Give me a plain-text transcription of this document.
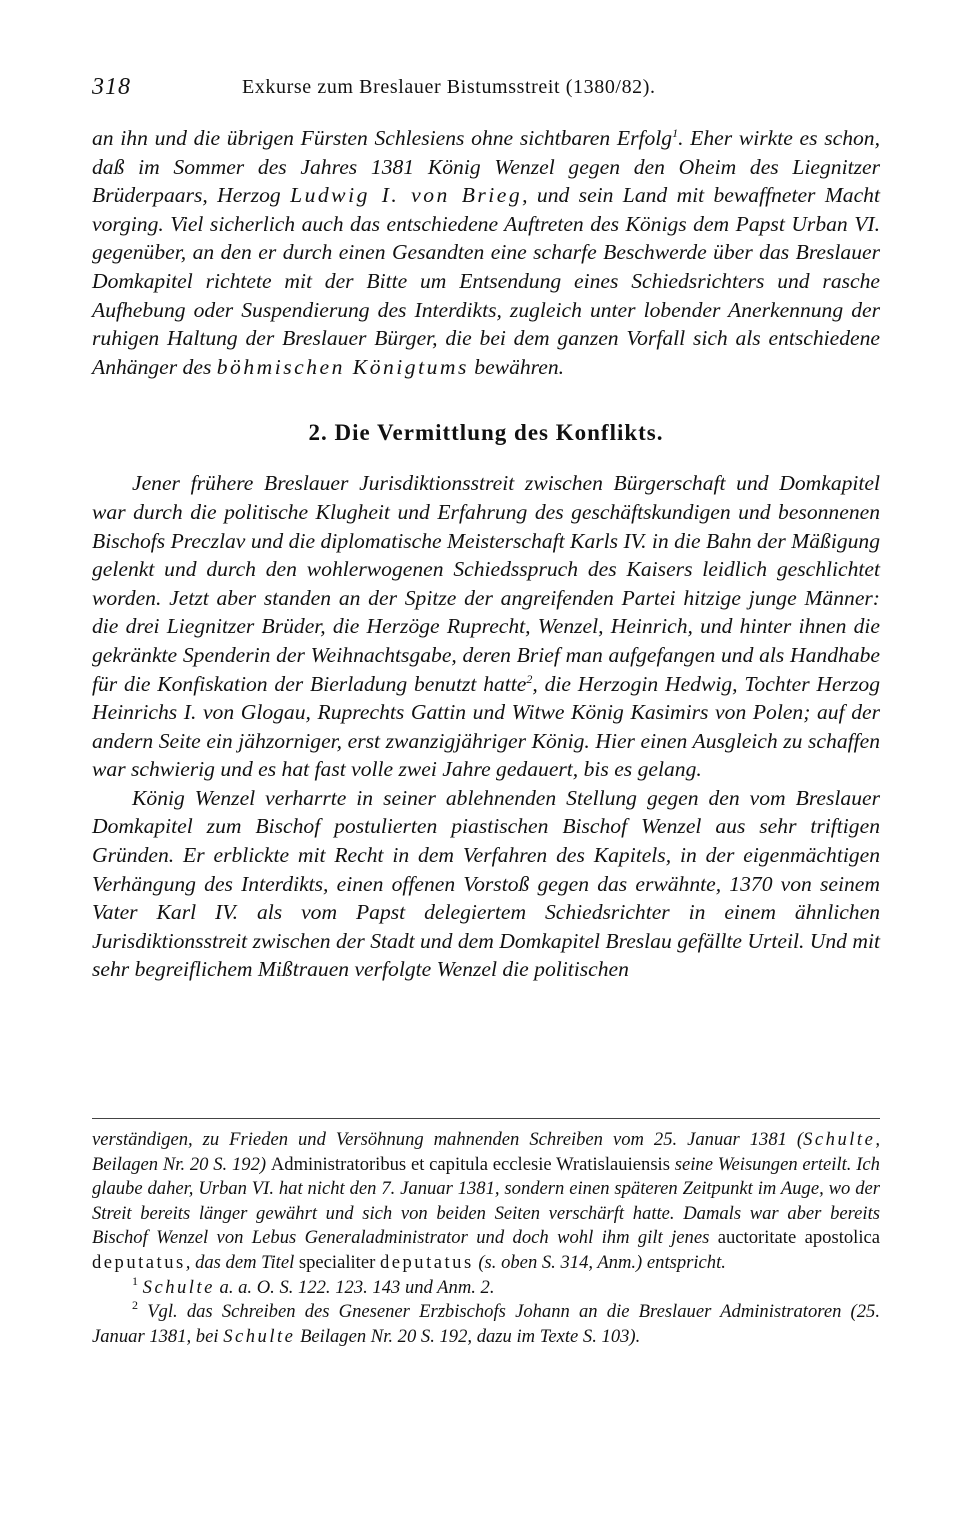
318	Exkurse zum Breslauer Bistumsstreit (1380/82).

an ihn und die übrigen Fürsten Schlesiens ohne sichtbaren Erfolg$^1$. Eher wirkte es schon, daß im Sommer des Jahres 1381 König Wenzel gegen den Oheim des Liegnitzer Brüderpaars, Herzog Ludwig I. von Brieg, und sein Land mit bewaffneter Macht vorging. Viel sicherlich auch das entschiedene Auftreten des Königs dem Papst Urban VI. gegenüber, an den er durch einen Gesandten eine scharfe Beschwerde über das Breslauer Domkapitel richtete mit der Bitte um Entsendung eines Schiedsrichters und rasche Aufhebung oder Suspendierung des Interdikts, zugleich unter lobender Anerkennung der ruhigen Haltung der Breslauer Bürger, die bei dem ganzen Vorfall sich als entschiedene Anhänger des böhmischen Königtums bewähren.

2. Die Vermittlung des Konflikts.

Jener frühere Breslauer Jurisdiktionsstreit zwischen Bürgerschaft und Domkapitel war durch die politische Klugheit und Erfahrung des geschäftskundigen und besonnenen Bischofs Preczlav und die diplomatische Meisterschaft Karls IV. in die Bahn der Mäßigung gelenkt und durch den wohlerwogenen Schiedsspruch des Kaisers leidlich geschlichtet worden. Jetzt aber standen an der Spitze der angreifenden Partei hitzige junge Männer: die drei Liegnitzer Brüder, die Herzöge Ruprecht, Wenzel, Heinrich, und hinter ihnen die gekränkte Spenderin der Weihnachtsgabe, deren Brief man aufgefangen und als Handhabe für die Konfiskation der Bierladung benutzt hatte$^2$, die Herzogin Hedwig, Tochter Herzog Heinrichs I. von Glogau, Ruprechts Gattin und Witwe König Kasimirs von Polen; auf der andern Seite ein jähzorniger, erst zwanzigjähriger König. Hier einen Ausgleich zu schaffen war schwierig und es hat fast volle zwei Jahre gedauert, bis es gelang.

König Wenzel verharrte in seiner ablehnenden Stellung gegen den vom Breslauer Domkapitel zum Bischof postulierten piastischen Bischof Wenzel aus sehr triftigen Gründen. Er erblickte mit Recht in dem Verfahren des Kapitels, in der eigenmächtigen Verhängung des Interdikts, einen offenen Vorstoß gegen das erwähnte, 1370 von seinem Vater Karl IV. als vom Papst delegiertem Schiedsrichter in einem ähnlichen Jurisdiktionsstreit zwischen der Stadt und dem Domkapitel Breslau gefällte Urteil. Und mit sehr begreiflichem Mißtrauen verfolgte Wenzel die politischen

verständigen, zu Frieden und Versöhnung mahnenden Schreiben vom 25. Januar 1381 (Schulte, Beilagen Nr. 20 S. 192) Administratoribus et capitula ecclesie Wratislauiensis seine Weisungen erteilt. Ich glaube daher, Urban VI. hat nicht den 7. Januar 1381, sondern einen späteren Zeitpunkt im Auge, wo der Streit bereits länger gewährt und sich von beiden Seiten verschärft hatte. Damals war aber bereits Bischof Wenzel von Lebus Generaladministrator und doch wohl ihm gilt jenes auctoritate apostolica deputatus, das dem Titel specialiter deputatus (s. oben S. 314, Anm.) entspricht.

$^1$ Schulte a. a. O. S. 122. 123. 143 und Anm. 2.

$^2$ Vgl. das Schreiben des Gnesener Erzbischofs Johann an die Breslauer Administratoren (25. Januar 1381, bei Schulte Beilagen Nr. 20 S. 192, dazu im Texte S. 103).
